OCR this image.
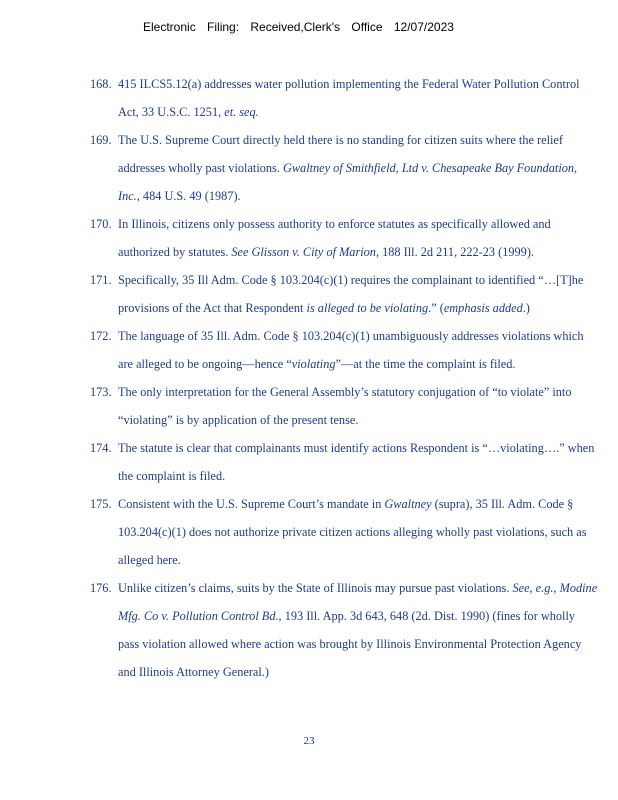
Electronic Filing: Received,Clerk's Office 12/07/2023
168. 415 ILCS5.12(a) addresses water pollution implementing the Federal Water Pollution Control Act, 33 U.S.C. 1251, et. seq.
169. The U.S. Supreme Court directly held there is no standing for citizen suits where the relief addresses wholly past violations. Gwaltney of Smithfield, Ltd v. Chesapeake Bay Foundation, Inc., 484 U.S. 49 (1987).
170. In Illinois, citizens only possess authority to enforce statutes as specifically allowed and authorized by statutes. See Glisson v. City of Marion, 188 Ill. 2d 211, 222-23 (1999).
171. Specifically, 35 Ill Adm. Code § 103.204(c)(1) requires the complainant to identified “…[T]he provisions of the Act that Respondent is alleged to be violating.” (emphasis added.)
172. The language of 35 Ill. Adm. Code § 103.204(c)(1) unambiguously addresses violations which are alleged to be ongoing—hence “violating”—at the time the complaint is filed.
173. The only interpretation for the General Assembly’s statutory conjugation of “to violate” into “violating” is by application of the present tense.
174. The statute is clear that complainants must identify actions Respondent is “…violating….” when the complaint is filed.
175. Consistent with the U.S. Supreme Court’s mandate in Gwaltney (supra), 35 Ill. Adm. Code § 103.204(c)(1) does not authorize private citizen actions alleging wholly past violations, such as alleged here.
176. Unlike citizen’s claims, suits by the State of Illinois may pursue past violations. See, e.g., Modine Mfg. Co v. Pollution Control Bd., 193 Ill. App. 3d 643, 648 (2d. Dist. 1990) (fines for wholly pass violation allowed where action was brought by Illinois Environmental Protection Agency and Illinois Attorney General.)
23
